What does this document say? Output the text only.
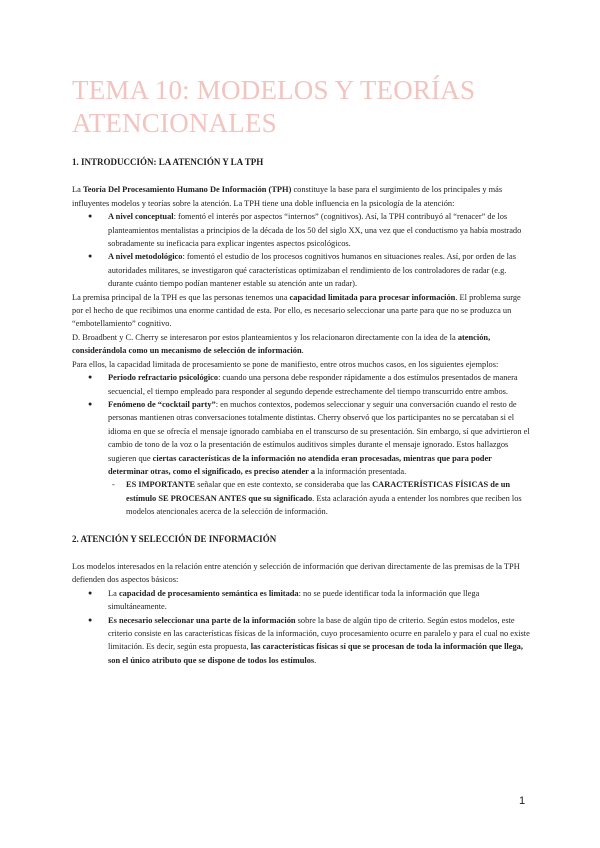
TEMA 10: MODELOS Y TEORÍAS ATENCIONALES
1. INTRODUCCIÓN: LA ATENCIÓN Y LA TPH

La Teoría Del Procesamiento Humano De Información (TPH) constituye la base para el surgimiento de los principales y más influyentes modelos y teorías sobre la atención. La TPH tiene una doble influencia en la psicología de la atención:

● A nivel conceptual: fomentó el interés por aspectos “internos” (cognitivos). Así, la TPH contribuyó al “renacer” de los planteamientos mentalistas a principios de la década de los 50 del siglo XX, una vez que el conductismo ya había mostrado sobradamente su ineficacia para explicar ingentes aspectos psicológicos.
● A nivel metodológico: fomentó el estudio de los procesos cognitivos humanos en situaciones reales. Así, por orden de las autoridades militares, se investigaron qué características optimizaban el rendimiento de los controladores de radar (e.g. durante cuánto tiempo podían mantener estable su atención ante un radar).

La premisa principal de la TPH es que las personas tenemos una capacidad limitada para procesar información. El problema surge por el hecho de que recibimos una enorme cantidad de esta. Por ello, es necesario seleccionar una parte para que no se produzca un “embotellamiento” cognitivo.

D. Broadbent y C. Cherry se interesaron por estos planteamientos y los relacionaron directamente con la idea de la atención, considerándola como un mecanismo de selección de información.

Para ellos, la capacidad limitada de procesamiento se pone de manifiesto, entre otros muchos casos, en los siguientes ejemplos:

● Periodo refractario psicológico: cuando una persona debe responder rápidamente a dos estímulos presentados de manera secuencial, el tiempo empleado para responder al segundo depende estrechamente del tiempo transcurrido entre ambos.
● Fenómeno de “cocktail party”: en muchos contextos, podemos seleccionar y seguir una conversación cuando el resto de personas mantienen otras conversaciones totalmente distintas. Cherry observó que los participantes no se percataban si el idioma en que se ofrecía el mensaje ignorado cambiaba en el transcurso de su presentación. Sin embargo, sí que advirtieron el cambio de tono de la voz o la presentación de estímulos auditivos simples durante el mensaje ignorado. Estos hallazgos sugieren que ciertas características de la información no atendida eran procesadas, mientras que para poder determinar otras, como el significado, es preciso atender a la información presentada.
- ES IMPORTANTE señalar que en este contexto, se consideraba que las CARACTERÍSTICAS FÍSICAS de un estímulo SE PROCESAN ANTES que su significado. Esta aclaración ayuda a entender los nombres que reciben los modelos atencionales acerca de la selección de información.
2. ATENCIÓN Y SELECCIÓN DE INFORMACIÓN

Los modelos interesados en la relación entre atención y selección de información que derivan directamente de las premisas de la TPH defienden dos aspectos básicos:

● La capacidad de procesamiento semántica es limitada: no se puede identificar toda la información que llega simultáneamente.
● Es necesario seleccionar una parte de la información sobre la base de algún tipo de criterio. Según estos modelos, este criterio consiste en las características físicas de la información, cuyo procesamiento ocurre en paralelo y para el cual no existe limitación. Es decir, según esta propuesta, las características físicas sí que se procesan de toda la información que llega, son el único atributo que se dispone de todos los estímulos.
1
